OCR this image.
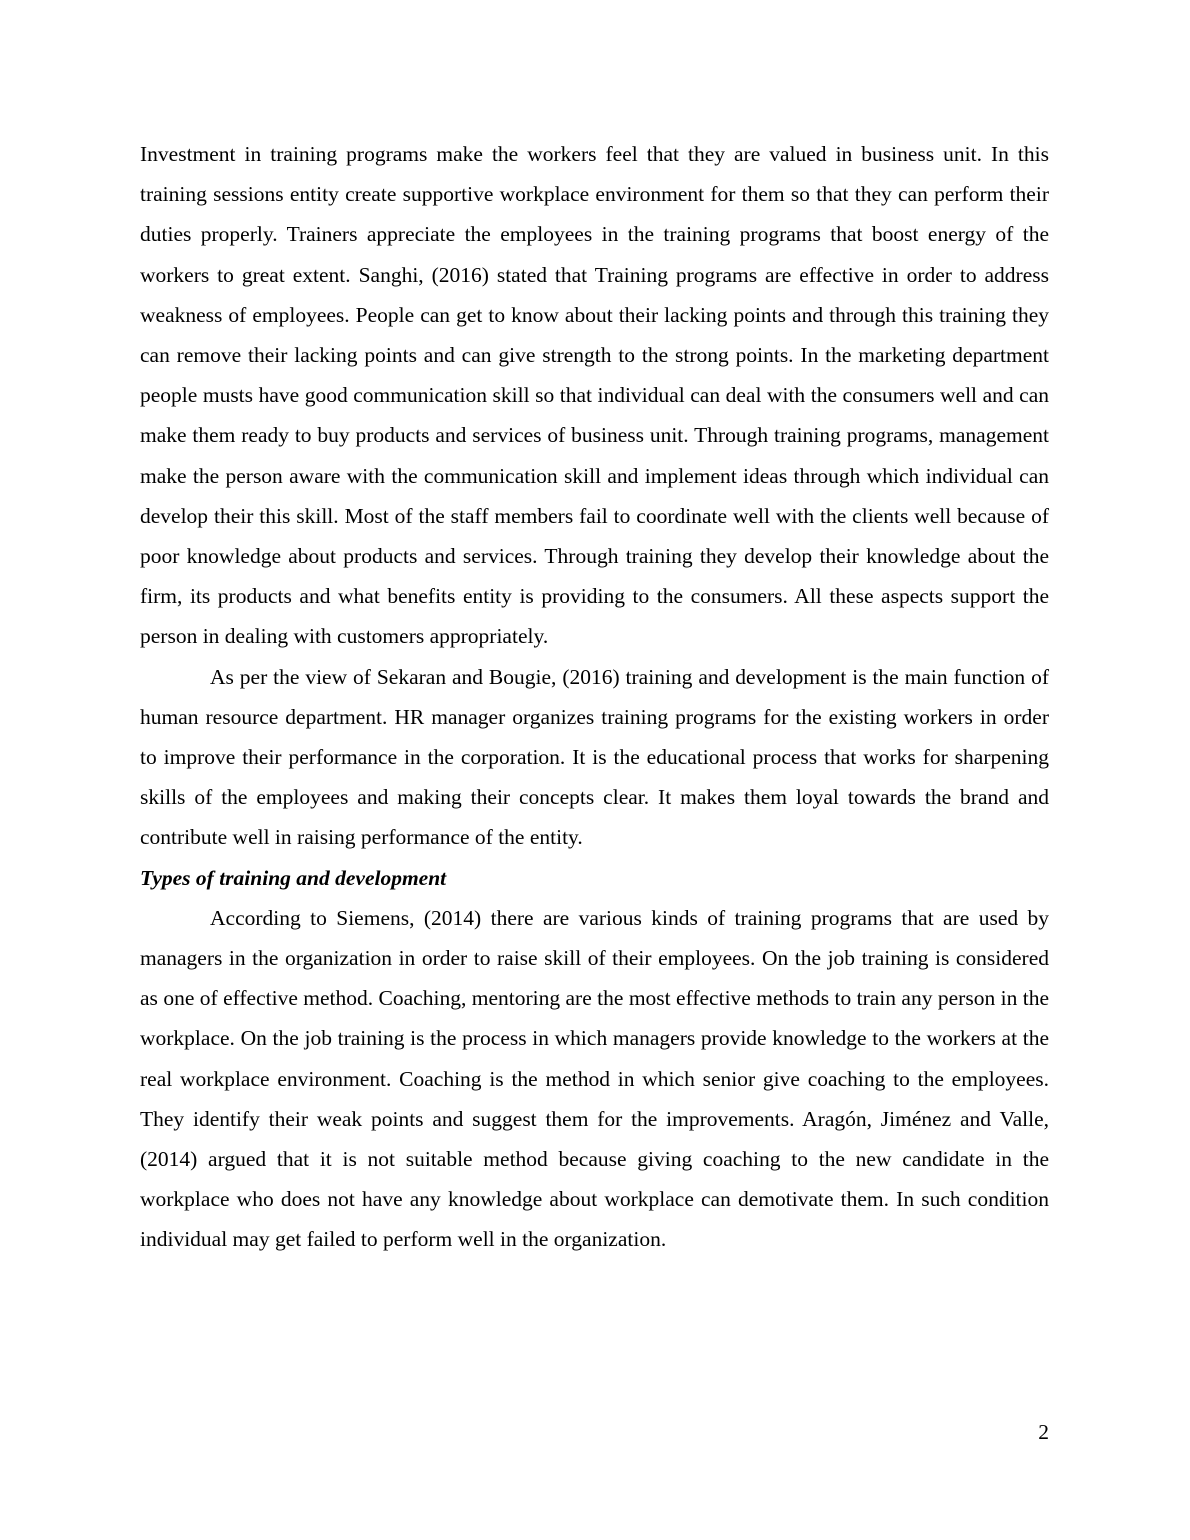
Investment in training programs make the workers feel that they are valued in business unit. In this training sessions entity create supportive workplace environment for them so that they can perform their duties properly. Trainers appreciate the employees in the training programs that boost energy of the workers to great extent. Sanghi, (2016) stated that Training programs are effective in order to address weakness of employees. People can get to know about their lacking points and through this training they can remove their lacking points and can give strength to the strong points. In the marketing department people musts have good communication skill so that individual can deal with the consumers well and can make them ready to buy products and services of business unit. Through training programs, management make the person aware with the communication skill and implement ideas through which individual can develop their this skill. Most of the staff members fail to coordinate well with the clients well because of poor knowledge about products and services. Through training they develop their knowledge about the firm, its products and what benefits entity is providing to the consumers. All these aspects support the person in dealing with customers appropriately.

As per the view of Sekaran and Bougie, (2016) training and development is the main function of human resource department. HR manager organizes training programs for the existing workers in order to improve their performance in the corporation. It is the educational process that works for sharpening skills of the employees and making their concepts clear. It makes them loyal towards the brand and contribute well in raising performance of the entity.

Types of training and development

According to Siemens, (2014) there are various kinds of training programs that are used by managers in the organization in order to raise skill of their employees. On the job training is considered as one of effective method. Coaching, mentoring are the most effective methods to train any person in the workplace. On the job training is the process in which managers provide knowledge to the workers at the real workplace environment. Coaching is the method in which senior give coaching to the employees. They identify their weak points and suggest them for the improvements. Aragón, Jiménez and Valle, (2014) argued that it is not suitable method because giving coaching to the new candidate in the workplace who does not have any knowledge about workplace can demotivate them. In such condition individual may get failed to perform well in the organization.

2
